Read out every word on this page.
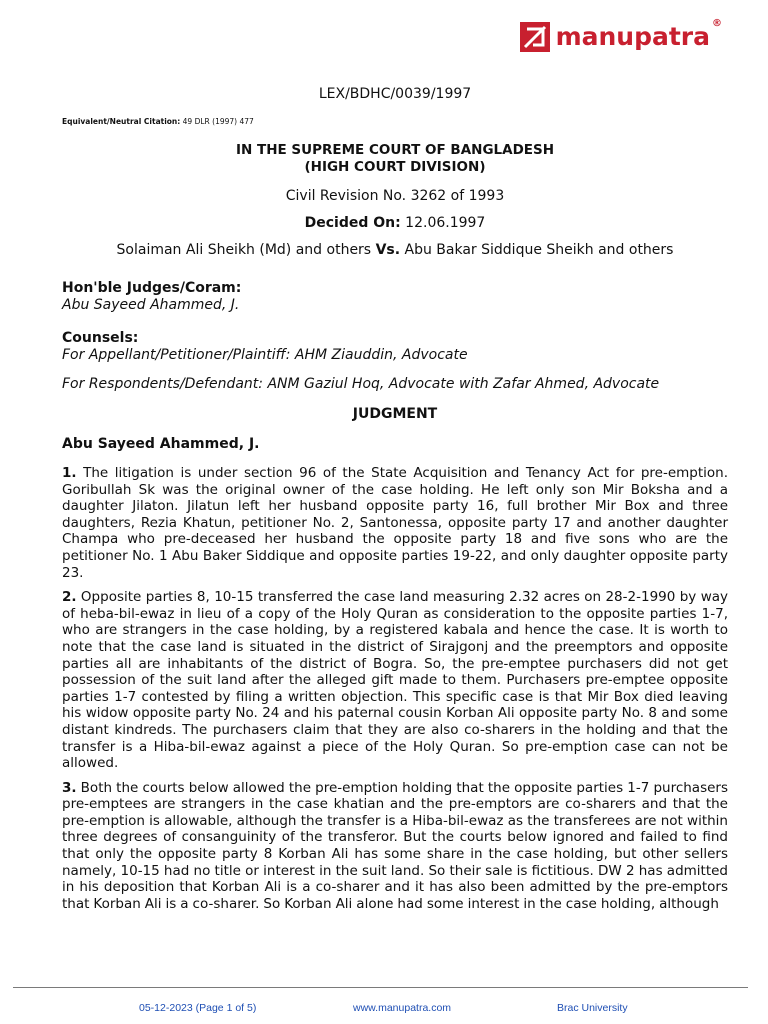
manupatra ®

LEX/BDHC/0039/1997

Equivalent/Neutral Citation: 49 DLR (1997) 477

IN THE SUPREME COURT OF BANGLADESH
(HIGH COURT DIVISION)

Civil Revision No. 3262 of 1993

Decided On: 12.06.1997

Solaiman Ali Sheikh (Md) and others Vs. Abu Bakar Siddique Sheikh and others

Hon'ble Judges/Coram:
Abu Sayeed Ahammed, J.
Counsels:
For Appellant/Petitioner/Plaintiff: AHM Ziauddin, Advocate
For Respondents/Defendant: ANM Gaziul Hoq, Advocate with Zafar Ahmed, Advocate
JUDGMENT
Abu Sayeed Ahammed, J.

1. The litigation is under section 96 of the State Acquisition and Tenancy Act for pre-emption. Goribullah Sk was the original owner of the case holding. He left only son Mir Boksha and a daughter Jilaton. Jilatun left her husband opposite party 16, full brother Mir Box and three daughters, Rezia Khatun, petitioner No. 2, Santonessa, opposite party 17 and another daughter Champa who pre-deceased her husband the opposite party 18 and five sons who are the petitioner No. 1 Abu Baker Siddique and opposite parties 19-22, and only daughter opposite party 23.

2. Opposite parties 8, 10-15 transferred the case land measuring 2.32 acres on 28-2-1990 by way of heba-bil-ewaz in lieu of a copy of the Holy Quran as consideration to the opposite parties 1-7, who are strangers in the case holding, by a registered kabala and hence the case. It is worth to note that the case land is situated in the district of Sirajgonj and the preemptors and opposite parties all are inhabitants of the district of Bogra. So, the pre-emptee purchasers did not get possession of the suit land after the alleged gift made to them. Purchasers pre-emptee opposite parties 1-7 contested by filing a written objection. This specific case is that Mir Box died leaving his widow opposite party No. 24 and his paternal cousin Korban Ali opposite party No. 8 and some distant kindreds. The purchasers claim that they are also co-sharers in the holding and that the transfer is a Hiba-bil-ewaz against a piece of the Holy Quran. So pre-emption case can not be allowed.

3. Both the courts below allowed the pre-emption holding that the opposite parties 1-7 purchasers pre-emptees are strangers in the case khatian and the pre-emptors are co-sharers and that the pre-emption is allowable, although the transfer is a Hiba-bil-ewaz as the transferees are not within three degrees of consanguinity of the transferor. But the courts below ignored and failed to find that only the opposite party 8 Korban Ali has some share in the case holding, but other sellers namely, 10-15 had no title or interest in the suit land. So their sale is fictitious. DW 2 has admitted in his deposition that Korban Ali is a co-sharer and it has also been admitted by the pre-emptors that Korban Ali is a co-sharer. So Korban Ali alone had some interest in the case holding, although

05-12-2023 (Page 1 of 5)	www.manupatra.com	Brac University
